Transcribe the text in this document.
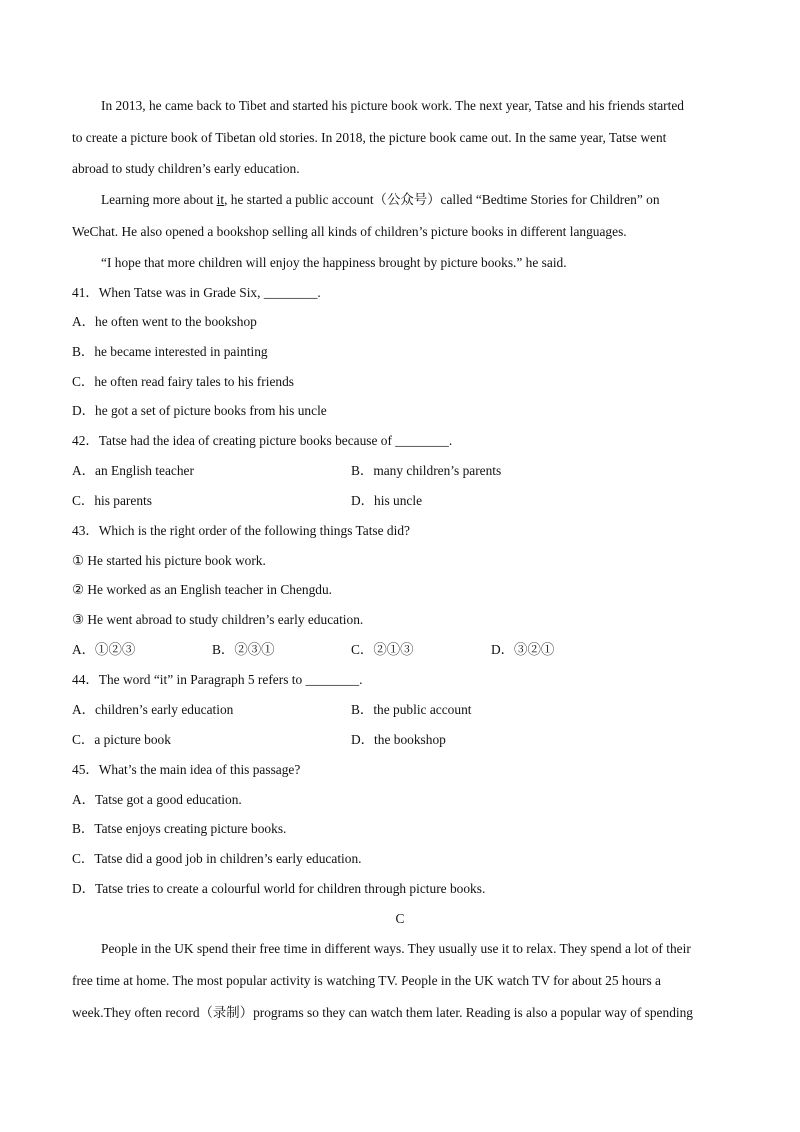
In 2013, he came back to Tibet and started his picture book work. The next year, Tatse and his friends started
to create a picture book of Tibetan old stories. In 2018, the picture book came out. In the same year, Tatse went
abroad to study children’s early education.
Learning more about it, he started a public account（公众号）called “Bedtime Stories for Children” on
WeChat. He also opened a bookshop selling all kinds of children’s picture books in different languages.
“I hope that more children will enjoy the happiness brought by picture books.” he said.
41．When Tatse was in Grade Six, ________.
A．he often went to the bookshop
B．he became interested in painting
C．he often read fairy tales to his friends
D．he got a set of picture books from his uncle
42．Tatse had the idea of creating picture books because of ________.
A．an English teacher	B．many children’s parents
C．his parents	D．his uncle
43．Which is the right order of the following things Tatse did?
① He started his picture book work.
② He worked as an English teacher in Chengdu.
③ He went abroad to study children’s early education.
A．①②③	B．②③①	C．②①③	D．③②①
44．The word “it” in Paragraph 5 refers to ________.
A．children’s early education	B．the public account
C．a picture book	D．the bookshop
45．What’s the main idea of this passage?
A．Tatse got a good education.
B．Tatse enjoys creating picture books.
C．Tatse did a good job in children’s early education.
D．Tatse tries to create a colourful world for children through picture books.
C
People in the UK spend their free time in different ways. They usually use it to relax. They spend a lot of their
free time at home. The most popular activity is watching TV. People in the UK watch TV for about 25 hours a
week.They often record（录制）programs so they can watch them later. Reading is also a popular way of spending
